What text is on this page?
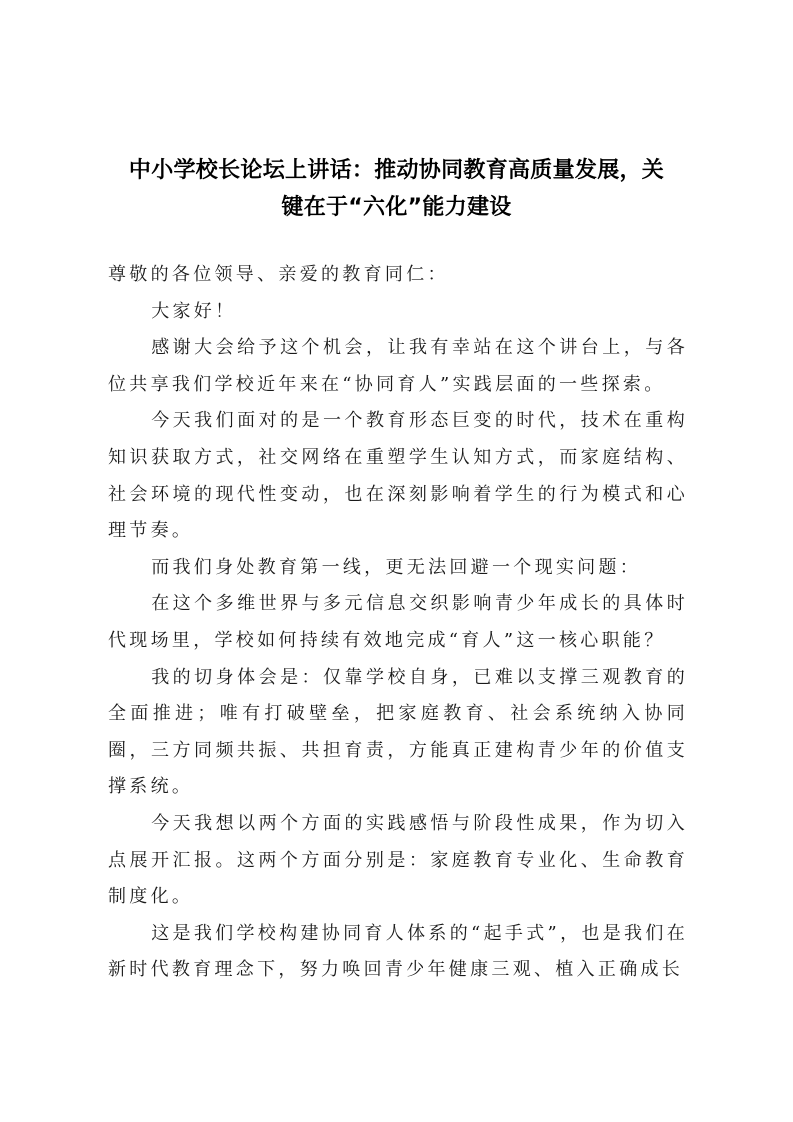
中小学校长论坛上讲话：推动协同教育高质量发展，关
键在于“六化”能力建设

尊敬的各位领导、亲爱的教育同仁：

大家好！

感谢大会给予这个机会，让我有幸站在这个讲台上，与各位共享我们学校近年来在“协同育人”实践层面的一些探索。

今天我们面对的是一个教育形态巨变的时代，技术在重构知识获取方式，社交网络在重塑学生认知方式，而家庭结构、社会环境的现代性变动，也在深刻影响着学生的行为模式和心理节奏。

而我们身处教育第一线，更无法回避一个现实问题：

在这个多维世界与多元信息交织影响青少年成长的具体时代现场里，学校如何持续有效地完成“育人”这一核心职能？

我的切身体会是：仅靠学校自身，已难以支撑三观教育的全面推进；唯有打破壁垒，把家庭教育、社会系统纳入协同圈，三方同频共振、共担育责，方能真正建构青少年的价值支撑系统。

今天我想以两个方面的实践感悟与阶段性成果，作为切入点展开汇报。这两个方面分别是：家庭教育专业化、生命教育制度化。

这是我们学校构建协同育人体系的“起手式”，也是我们在新时代教育理念下，努力唤回青少年健康三观、植入正确成长
